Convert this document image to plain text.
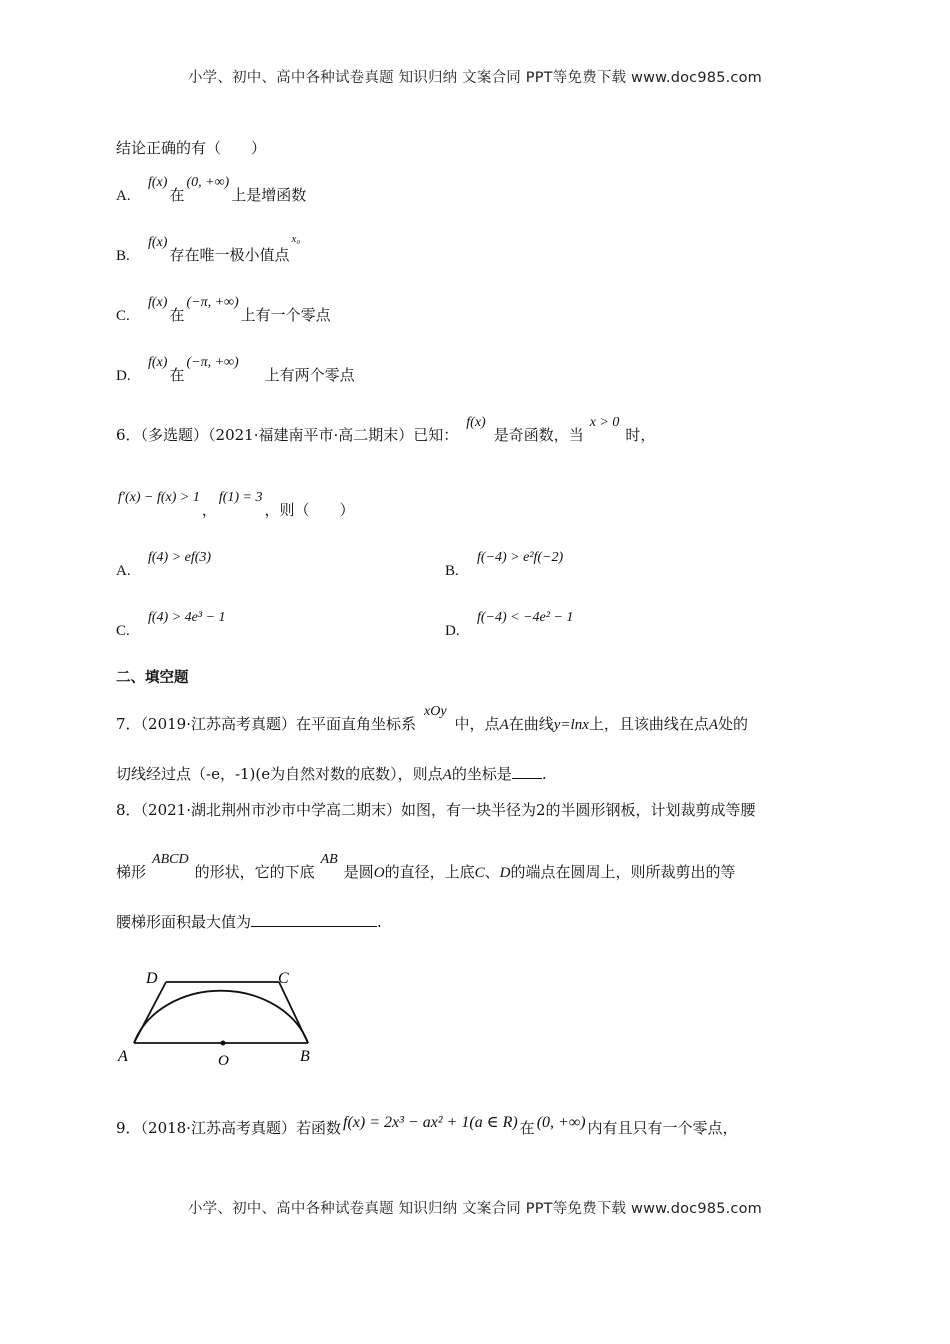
小学、初中、高中各种试卷真题 知识归纳 文案合同 PPT等免费下载 www.doc985.com
结论正确的有（　　）
A.f(x)在(0, +∞)上是增函数
B.f(x)存在唯一极小值点$^{x_0}$
C.f(x)在(−π, +∞)上有一个零点
D.f(x)在(−π, +∞)上有两个零点
6．（多选题）（2021·福建南平市·高二期末）已知：f(x)是奇函数，当x > 0时，
f′(x) − f(x) > 1，f(1) = 3，则（　　）
A.f(4) > ef(3)
B.f(−4) > e²f(−2)
C.f(4) > 4e³ − 1
D.f(−4) < −4e² − 1
二、填空题
7．（2019·江苏高考真题）在平面直角坐标系xOy中，点A在曲线y=lnx上，且该曲线在点A处的
切线经过点（-e，-1)(e为自然对数的底数），则点A的坐标是 .
8．（2021·湖北荆州市沙市中学高二期末）如图，有一块半径为2的半圆形钢板，计划裁剪成等腰
梯形ABCD的形状，它的下底AB是圆O的直径，上底C、D的端点在圆周上，则所裁剪出的等
腰梯形面积最大值为	.
A	B
C
D
O
9．（2018·江苏高考真题）若函数 f(x) = 2x³ − ax² + 1(a ∈ R) 在 (0, +∞) 内有且只有一个零点，
小学、初中、高中各种试卷真题 知识归纳 文案合同 PPT等免费下载 www.doc985.com
